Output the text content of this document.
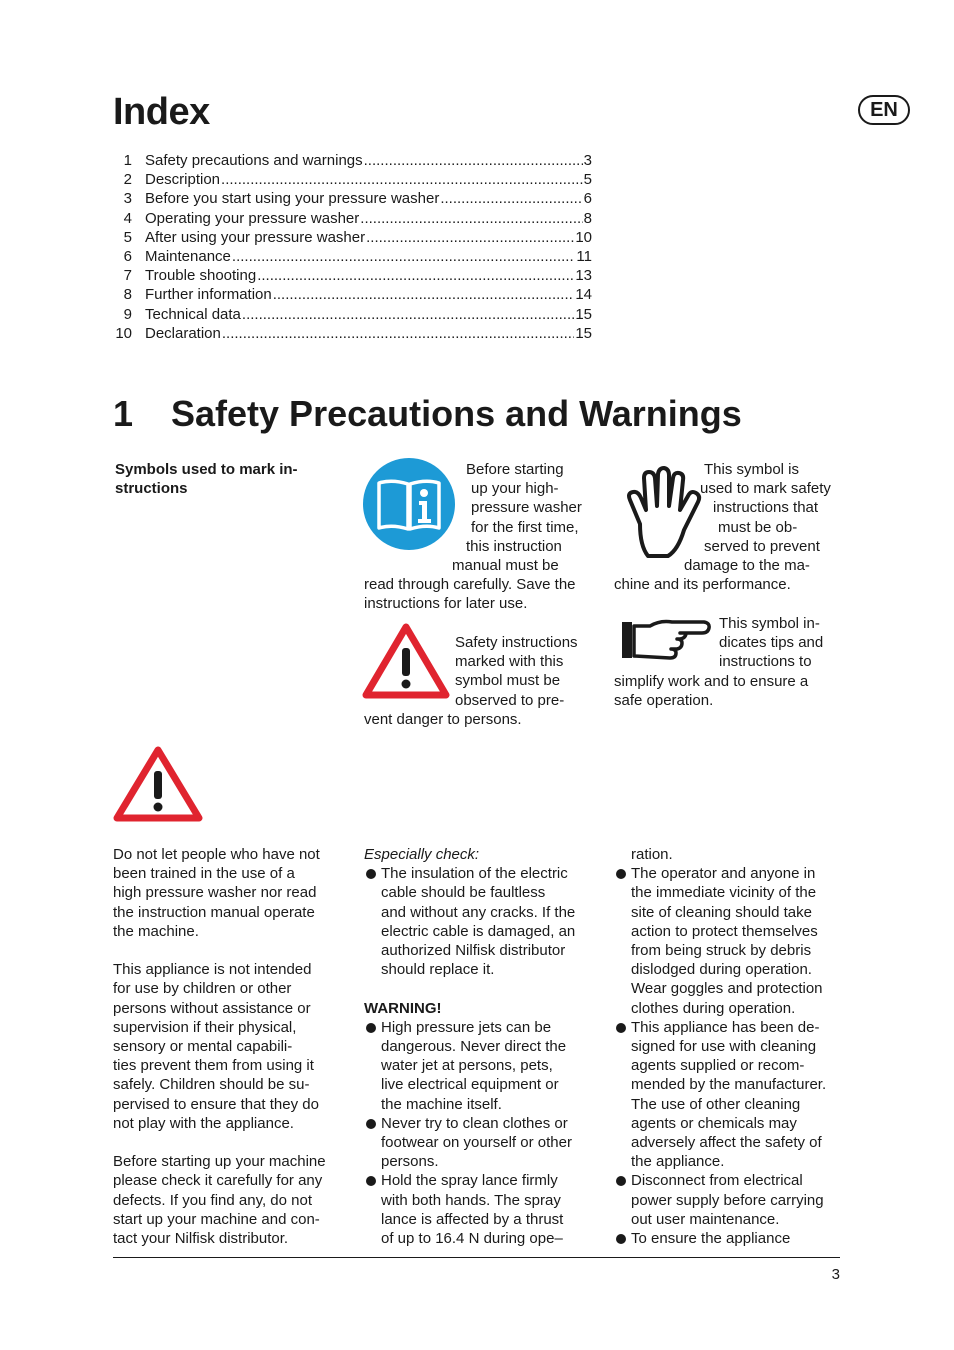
Index	EN
1 Safety precautions and warnings .....	3
2 Description .....	5
3 Before you start using your pressure washer .....	6
4 Operating your pressure washer .....	8
5 After using your pressure washer .....	10
6 Maintenance .....	11
7 Trouble shooting .....	13
8 Further information .....	14
9 Technical data .....	15
10 Declaration .....	15
1 Safety Precautions and Warnings
Symbols used to mark in-
structions
Before starting
up your high-
pressure washer
for the first time,
this instruction
manual must be
read through carefully. Save the
instructions for later use.
Safety instructions
marked with this
symbol must be
observed to pre-
vent danger to persons.
This symbol is
used to mark safety
instructions that
must be ob-
served to prevent
damage to the ma-
chine and its performance.
This symbol in-
dicates tips and
instructions to
simplify work and to ensure a
safe operation.

Do not let people who have not

been trained in the use of a

high pressure washer nor read

the instruction manual operate

the machine.

This appliance is not intended

for use by children or other

persons without assistance or

supervision if their physical,

sensory or mental capabili-

ties prevent them from using it

safely. Children should be su-

pervised to ensure that they do

not play with the appliance.

Before starting up your machine

please check it carefully for any

defects. If you find any, do not

start up your machine and con-

tact your Nilfisk distributor.

Especially check:

The insulation of the electric

cable should be faultless

and without any cracks. If the

electric cable is damaged, an

authorized Nilfisk distributor

should replace it.

WARNING!

High pressure jets can be

dangerous. Never direct the

water jet at persons, pets,

live electrical equipment or

the machine itself.

Never try to clean clothes or

footwear on yourself or other

persons.

Hold the spray lance firmly

with both hands. The spray

lance is affected by a thrust

of up to 16.4 N during ope–

ration.

The operator and anyone in

the immediate vicinity of the

site of cleaning should take

action to protect themselves

from being struck by debris

dislodged during operation.

Wear goggles and protection

clothes during operation.

This appliance has been de-

signed for use with cleaning

agents supplied or recom-

mended by the manufacturer.

The use of other cleaning

agents or chemicals may

adversely affect the safety of

the appliance.

Disconnect from electrical

power supply before carrying

out user maintenance.

To ensure the appliance

3
